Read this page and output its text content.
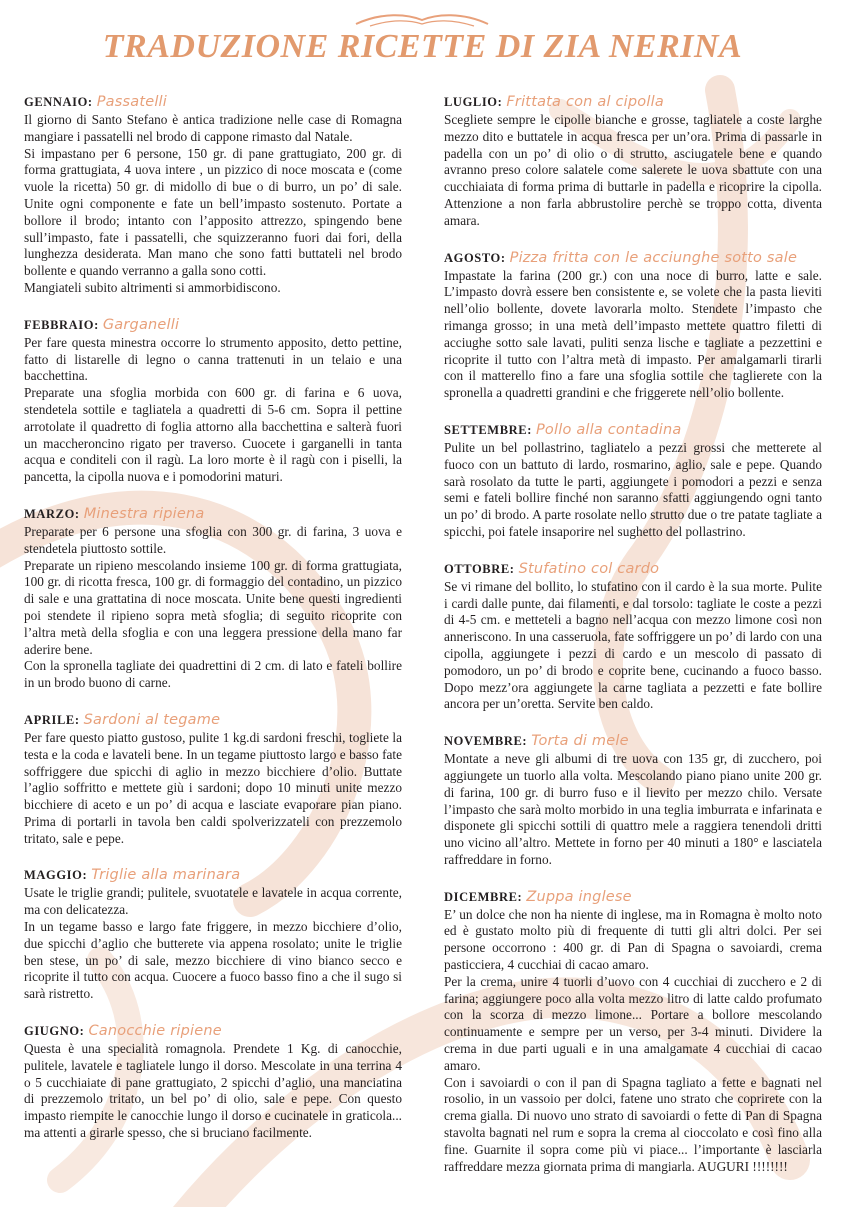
TRADUZIONE RICETTE DI ZIA NERINA

GENNAIO: Passatelli

Il giorno di Santo Stefano è antica tradizione nelle case di Romagna mangiare i passatelli nel brodo di cappone rimasto dal Natale.
Si impastano per 6 persone, 150 gr. di pane grattugiato, 200 gr. di forma grattugiata, 4 uova intere , un pizzico di noce moscata e (come vuole la ricetta) 50 gr. di midollo di bue o di burro, un po’ di sale. Unite ogni componente e fate un bell’impasto sostenuto. Portate a bollore il brodo; intanto con l’apposito attrezzo, spingendo bene sull’impasto, fate i passatelli, che squizzeranno fuori dai fori, della lunghezza desiderata. Man mano che sono fatti buttateli nel brodo bollente e quando verranno a galla sono cotti.
Mangiateli subito altrimenti si ammorbidiscono.

FEBBRAIO: Garganelli

Per fare questa minestra occorre lo strumento apposito, detto pettine, fatto di listarelle di legno o canna trattenuti in un telaio e una bacchettina.
Preparate una sfoglia morbida con 600 gr. di farina e 6 uova, stendetela sottile e tagliatela a quadretti di 5-6 cm. Sopra il pettine arrotolate il quadretto di foglia attorno alla bacchettina e salterà fuori un maccheroncino rigato per traverso. Cuocete i garganelli in tanta acqua e conditeli con il ragù. La loro morte è il ragù con i piselli, la pancetta, la cipolla nuova e i pomodorini maturi.

MARZO: Minestra ripiena

Preparate per 6 persone una sfoglia con 300 gr. di farina, 3 uova e stendetela piuttosto sottile.
Preparate un ripieno mescolando insieme 100 gr. di forma grattugiata, 100 gr. di ricotta fresca, 100 gr. di formaggio del contadino, un pizzico di sale e una grattatina di noce moscata. Unite bene questi ingredienti poi stendete il ripieno sopra metà sfoglia; di seguito ricoprite con l’altra metà della sfoglia e con una leggera pressione della mano far aderire bene.
Con la spronella tagliate dei quadrettini di 2 cm. di lato e fateli bollire in un brodo buono di carne.

APRILE: Sardoni al tegame

Per fare questo piatto gustoso, pulite 1 kg.di sardoni freschi, togliete la testa e la coda e lavateli bene. In un tegame piuttosto largo e basso fate soffriggere due spicchi di aglio in mezzo bicchiere d’olio. Buttate l’aglio soffritto e mettete giù i sardoni; dopo 10 minuti unite mezzo bicchiere di aceto e un po’ di acqua e lasciate evaporare pian piano. Prima di portarli in tavola ben caldi spolverizzateli con prezzemolo tritato, sale e pepe.

MAGGIO: Triglie alla marinara

Usate le triglie grandi; pulitele, svuotatele e lavatele in acqua corrente, ma con delicatezza.
In un tegame basso e largo fate friggere, in mezzo bicchiere d’olio, due spicchi d’aglio che butterete via appena rosolato; unite le triglie ben stese, un po’ di sale, mezzo bicchiere di vino bianco secco e ricoprite il tutto con acqua. Cuocere a fuoco basso fino a che il sugo si sarà ristretto.

GIUGNO: Canocchie ripiene

Questa è una specialità romagnola. Prendete 1 Kg. di canocchie, pulitele, lavatele e tagliatele lungo il dorso. Mescolate in una terrina 4 o 5 cucchiaiate di pane grattugiato, 2 spicchi d’aglio, una manciatina di prezzemolo tritato, un bel po’ di olio, sale e pepe. Con questo impasto riempite le canocchie lungo il dorso e cucinatele in graticola... ma attenti a girarle spesso, che si bruciano facilmente.

LUGLIO: Frittata con al cipolla

Scegliete sempre le cipolle bianche e grosse, tagliatele a coste larghe mezzo dito e buttatele in acqua fresca per un’ora. Prima di passarle in padella con un po’ di olio o di strutto, asciugatele bene e quando avranno preso colore salatele come salerete le uova sbattute con una cucchiaiata di forma prima di buttarle in padella e ricoprire la cipolla. Attenzione a non farla abbrustolire perchè se troppo cotta, diventa amara.

AGOSTO: Pizza fritta con le acciunghe sotto sale

Impastate la farina (200 gr.) con una noce di burro, latte e sale. L’impasto dovrà essere ben consistente e, se volete che la pasta lieviti nell’olio bollente, dovete lavorarla molto. Stendete l’impasto che rimanga grosso; in una metà dell’impasto mettete quattro filetti di acciughe sotto sale lavati, puliti senza lische e tagliate a pezzettini e ricoprite il tutto con l’altra metà di impasto. Per amalgamarli tirarli con il matterello fino a fare una sfoglia sottile che taglierete con la spronella a quadretti grandini e che friggerete nell’olio bollente.

SETTEMBRE: Pollo alla contadina

Pulite un bel pollastrino, tagliatelo a pezzi grossi che metterete al fuoco con un battuto di lardo, rosmarino, aglio, sale e pepe. Quando sarà rosolato da tutte le parti, aggiungete i pomodori a pezzi e senza semi e fateli bollire finché non saranno sfatti aggiungendo ogni tanto un po’ di brodo. A parte rosolate nello strutto due o tre patate tagliate a spicchi, poi fatele insaporire nel sughetto del pollastrino.

OTTOBRE: Stufatino col cardo

Se vi rimane del bollito, lo stufatino con il cardo è la sua morte. Pulite i cardi dalle punte, dai filamenti, e dal torsolo: tagliate le coste a pezzi di 4-5 cm. e metteteli a bagno nell’acqua con mezzo limone così non anneriscono. In una casseruola, fate soffriggere un po’ di lardo con una cipolla, aggiungete i pezzi di cardo e un mescolo di passato di pomodoro, un po’ di brodo e coprite bene, cucinando a fuoco basso. Dopo mezz’ora aggiungete la carne tagliata a pezzetti e fate bollire ancora per un’oretta. Servite ben caldo.

NOVEMBRE: Torta di mele

Montate a neve gli albumi di tre uova con 135 gr, di zucchero, poi aggiungete un tuorlo alla volta. Mescolando piano piano unite 200 gr. di farina, 100 gr. di burro fuso e il lievito per mezzo chilo. Versate l’impasto che sarà molto morbido in una teglia imburrata e infarinata e disponete gli spicchi sottili di quattro mele a raggiera tenendoli dritti uno vicino all’altro. Mettete in forno per 40 minuti a 180° e lasciatela raffreddare in forno.

DICEMBRE: Zuppa inglese

E’ un dolce che non ha niente di inglese, ma in Romagna è molto noto ed è gustato molto più di frequente di tutti gli altri dolci. Per sei persone occorrono : 400 gr. di Pan di Spagna o savoiardi, crema pasticciera, 4 cucchiai di cacao amaro.
Per la crema, unire 4 tuorli d’uovo con 4 cucchiai di zucchero e 2 di farina; aggiungere poco alla volta mezzo litro di latte caldo profumato con la scorza di mezzo limone... Portare a bollore mescolando continuamente e sempre per un verso, per 3-4 minuti. Dividere la crema in due parti uguali e in una amalgamate 4 cucchiai di cacao amaro.
Con i savoiardi o con il pan di Spagna tagliato a fette e bagnati nel rosolio, in un vassoio per dolci, fatene uno strato che coprirete con la crema gialla. Di nuovo uno strato di savoiardi o fette di Pan di Spagna stavolta bagnati nel rum e sopra la crema al cioccolato e così fino alla fine. Guarnite il sopra come più vi piace... l’importante è lasciarla raffreddare mezza giornata prima di mangiarla. AUGURI !!!!!!!!
